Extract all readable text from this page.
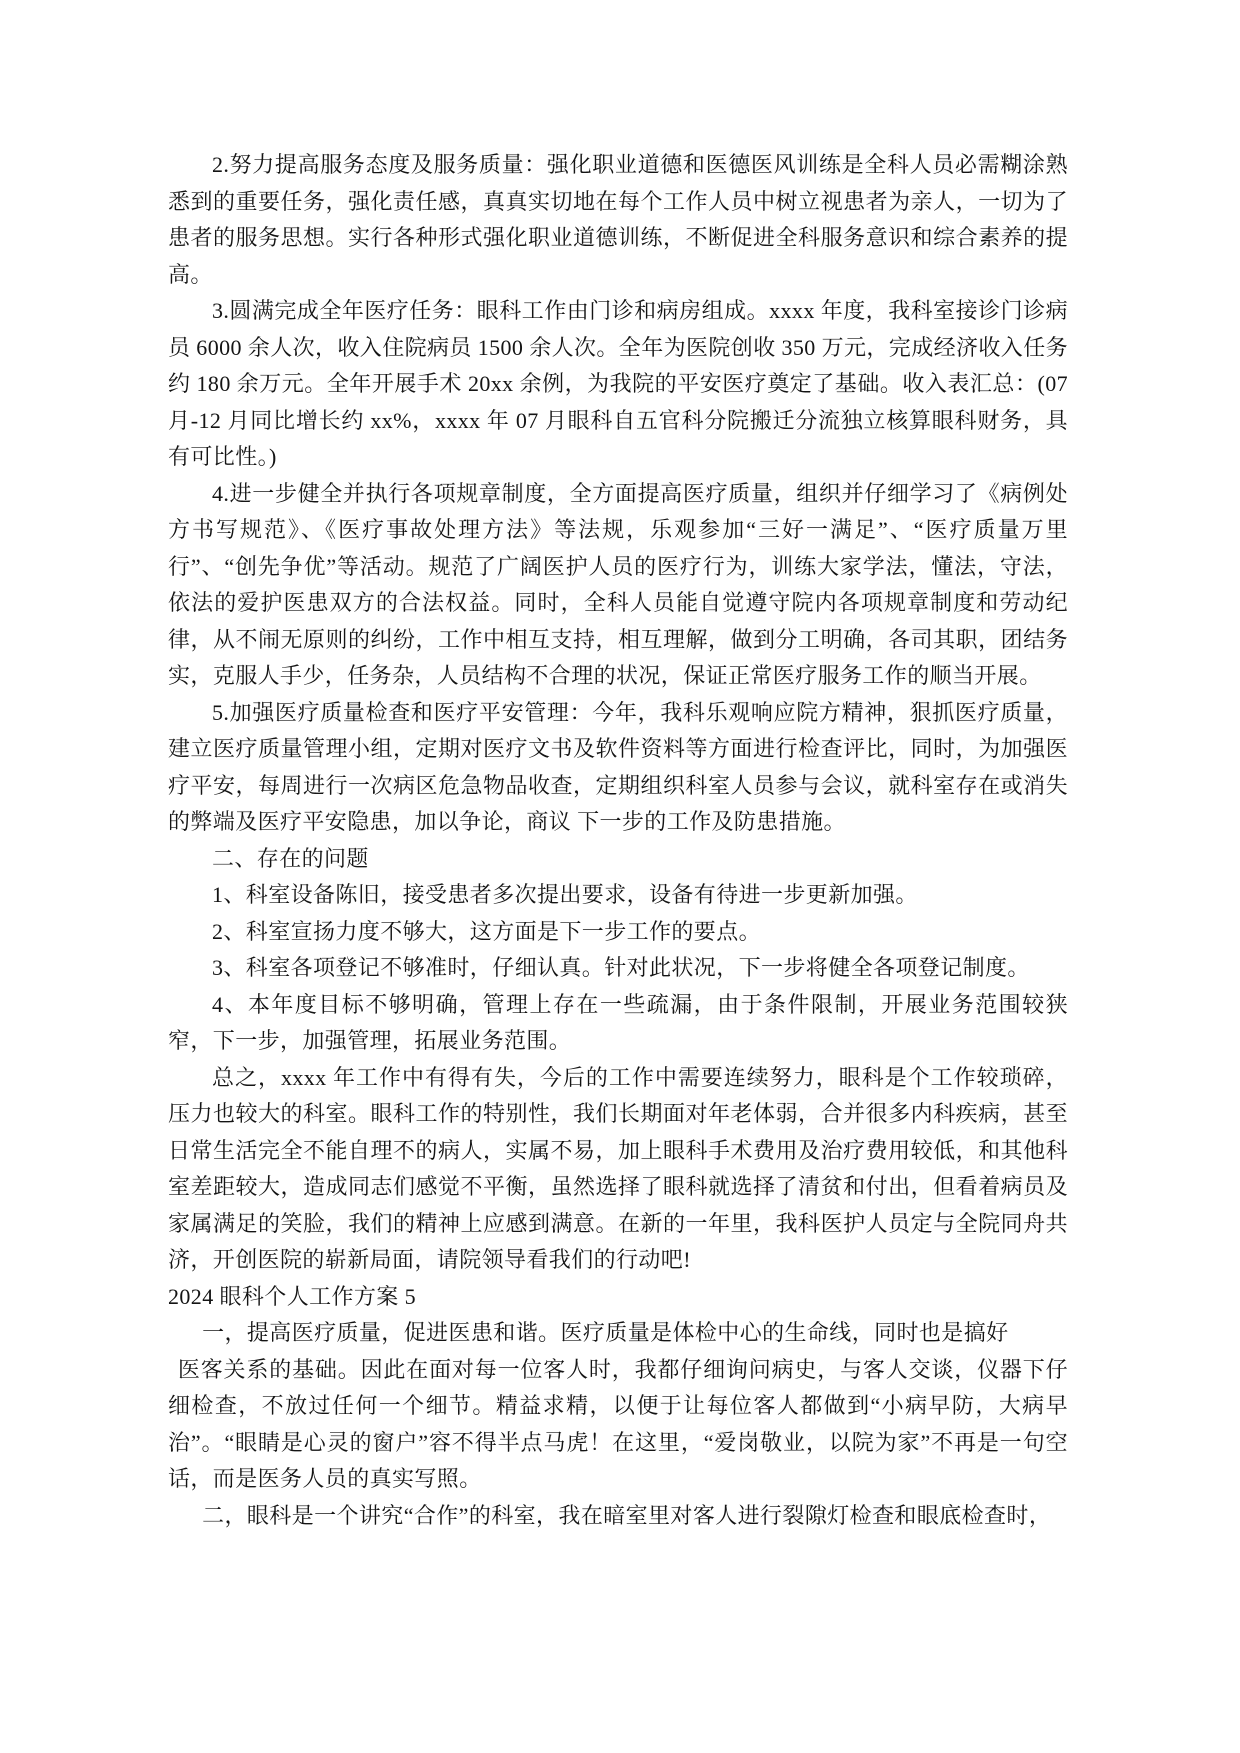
2.努力提高服务态度及服务质量：强化职业道德和医德医风训练是全科人员必需糊涂熟悉到的重要任务，强化责任感，真真实切地在每个工作人员中树立视患者为亲人，一切为了患者的服务思想。实行各种形式强化职业道德训练，不断促进全科服务意识和综合素养的提高。

3.圆满完成全年医疗任务：眼科工作由门诊和病房组成。xxxx 年度，我科室接诊门诊病员 6000 余人次，收入住院病员 1500 余人次。全年为医院创收 350 万元，完成经济收入任务约 180 余万元。全年开展手术 20xx 余例，为我院的平安医疗奠定了基础。收入表汇总：(07 月-12 月同比增长约 xx%，xxxx 年 07 月眼科自五官科分院搬迁分流独立核算眼科财务，具有可比性。)

4.进一步健全并执行各项规章制度，全方面提高医疗质量，组织并仔细学习了《病例处方书写规范》、《医疗事故处理方法》等法规，乐观参加“三好一满足”、“医疗质量万里行”、“创先争优”等活动。规范了广阔医护人员的医疗行为，训练大家学法，懂法，守法，依法的爱护医患双方的合法权益。同时，全科人员能自觉遵守院内各项规章制度和劳动纪律，从不闹无原则的纠纷，工作中相互支持，相互理解，做到分工明确，各司其职，团结务实，克服人手少，任务杂，人员结构不合理的状况，保证正常医疗服务工作的顺当开展。

5.加强医疗质量检查和医疗平安管理：今年，我科乐观响应院方精神，狠抓医疗质量，建立医疗质量管理小组，定期对医疗文书及软件资料等方面进行检查评比，同时，为加强医疗平安，每周进行一次病区危急物品收查，定期组织科室人员参与会议，就科室存在或消失的弊端及医疗平安隐患，加以争论，商议 下一步的工作及防患措施。

二、存在的问题

1、科室设备陈旧，接受患者多次提出要求，设备有待进一步更新加强。

2、科室宣扬力度不够大，这方面是下一步工作的要点。

3、科室各项登记不够准时，仔细认真。针对此状况，下一步将健全各项登记制度。

4、本年度目标不够明确，管理上存在一些疏漏，由于条件限制，开展业务范围较狭窄，下一步，加强管理，拓展业务范围。

总之，xxxx 年工作中有得有失，今后的工作中需要连续努力，眼科是个工作较琐碎，压力也较大的科室。眼科工作的特别性，我们长期面对年老体弱，合并很多内科疾病，甚至日常生活完全不能自理不的病人，实属不易，加上眼科手术费用及治疗费用较低，和其他科室差距较大，造成同志们感觉不平衡，虽然选择了眼科就选择了清贫和付出，但看着病员及家属满足的笑脸，我们的精神上应感到满意。在新的一年里，我科医护人员定与全院同舟共济，开创医院的崭新局面，请院领导看我们的行动吧!

2024 眼科个人工作方案 5

一，提高医疗质量，促进医患和谐。医疗质量是体检中心的生命线，同时也是搞好

医客关系的基础。因此在面对每一位客人时，我都仔细询问病史，与客人交谈，仪器下仔细检查，不放过任何一个细节。精益求精，以便于让每位客人都做到“小病早防，大病早治”。“眼睛是心灵的窗户”容不得半点马虎！在这里，“爱岗敬业，以院为家”不再是一句空话，而是医务人员的真实写照。

二，眼科是一个讲究“合作”的科室，我在暗室里对客人进行裂隙灯检查和眼底检查时，
